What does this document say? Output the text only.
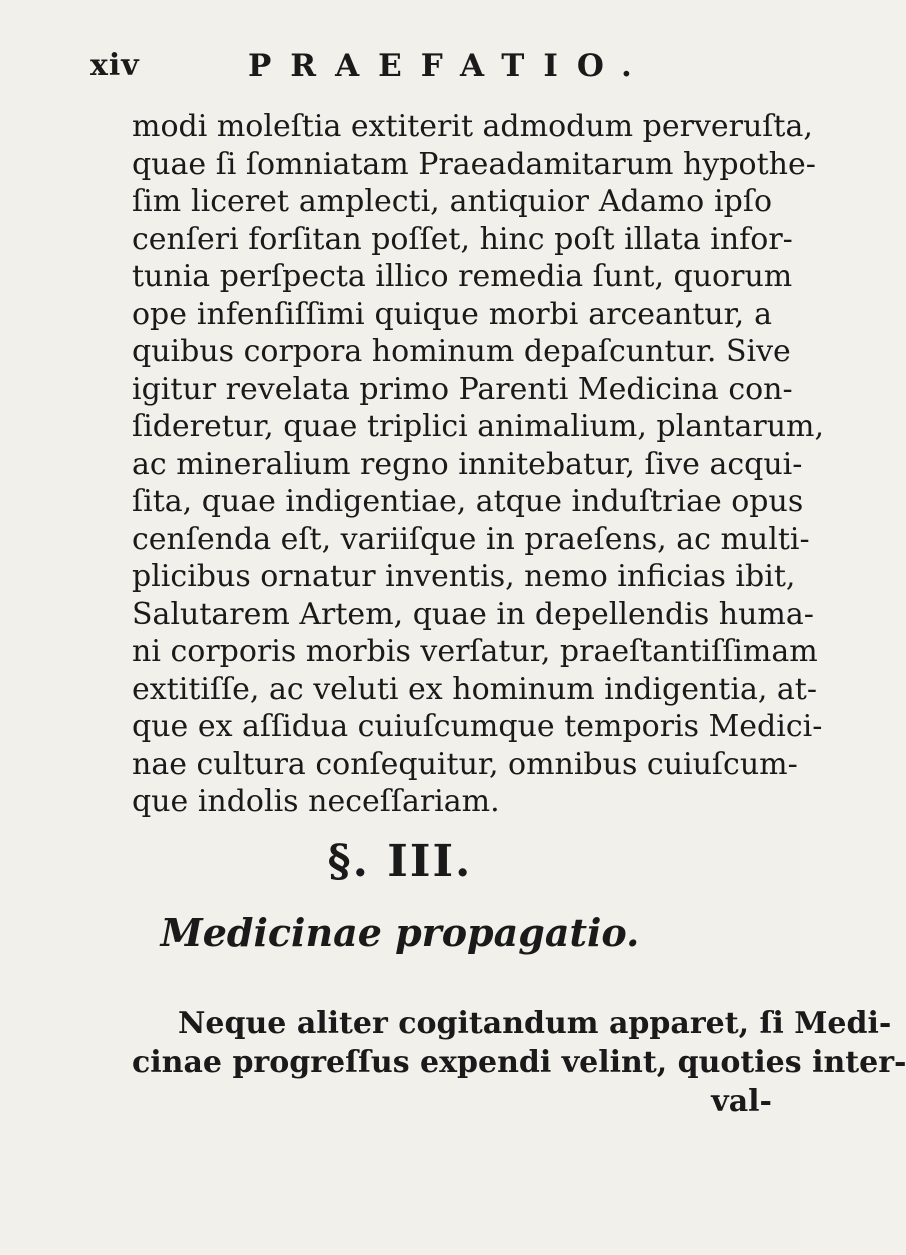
xiv	PRAEFATIO.
modi moleſtia extiterit admodum perveruſta,
quae ſi ſomniatam Praeadamitarum hypothe-
ſim liceret amplecti, antiquior Adamo ipſo
cenſeri forſitan poſſet, hinc poſt illata infor-
tunia perſpecta illico remedia ſunt, quorum
ope infenſiſſimi quique morbi arceantur, a
quibus corpora hominum depaſcuntur. Sive
igitur revelata primo Parenti Medicina con-
ſideretur, quae triplici animalium, plantarum,
ac mineralium regno innitebatur, ſive acqui-
ſita, quae indigentiae, atque induſtriae opus
cenſenda eſt, variiſque in praeſens, ac multi-
plicibus ornatur inventis, nemo inficias ibit,
Salutarem Artem, quae in depellendis huma-
ni corporis morbis verſatur, praeſtantiſſimam
extitiſſe, ac veluti ex hominum indigentia, at-
que ex aſſidua cuiuſcumque temporis Medici-
nae cultura conſequitur, omnibus cuiuſcum-
que indolis neceſſariam.
§. III.
Medicinae propagatio.
Neque aliter cogitandum apparet, ſi Medi-
cinae progreſſus expendi velint, quoties inter-
val-
